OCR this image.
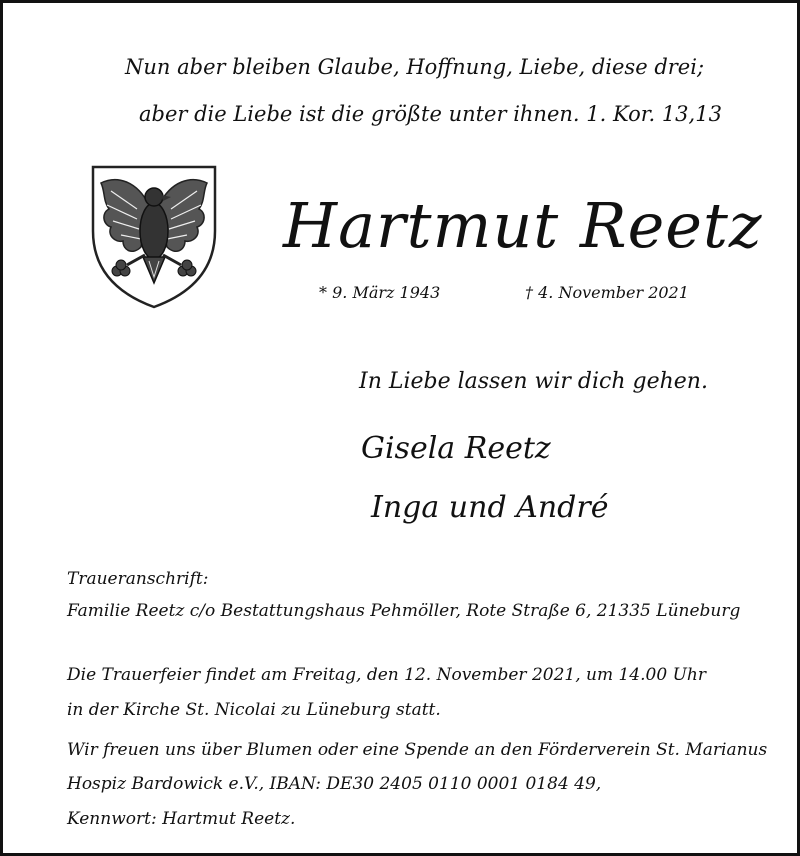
Nun aber bleiben Glaube, Hoffnung, Liebe, diese drei;
aber die Liebe ist die größte unter ihnen. 1. Kor. 13,13
Hartmut Reetz
* 9. März 1943	† 4. November 2021
In Liebe lassen wir dich gehen.
Gisela Reetz
Inga und André
Traueranschrift:
Familie Reetz c/o Bestattungshaus Pehmöller, Rote Straße 6, 21335 Lüneburg
Die Trauerfeier findet am Freitag, den 12. November 2021, um 14.00 Uhr
in der Kirche St. Nicolai zu Lüneburg statt.
Wir freuen uns über Blumen oder eine Spende an den Förderverein St. Marianus
Hospiz Bardowick e.V., IBAN: DE30 2405 0110 0001 0184 49,
Kennwort: Hartmut Reetz.
